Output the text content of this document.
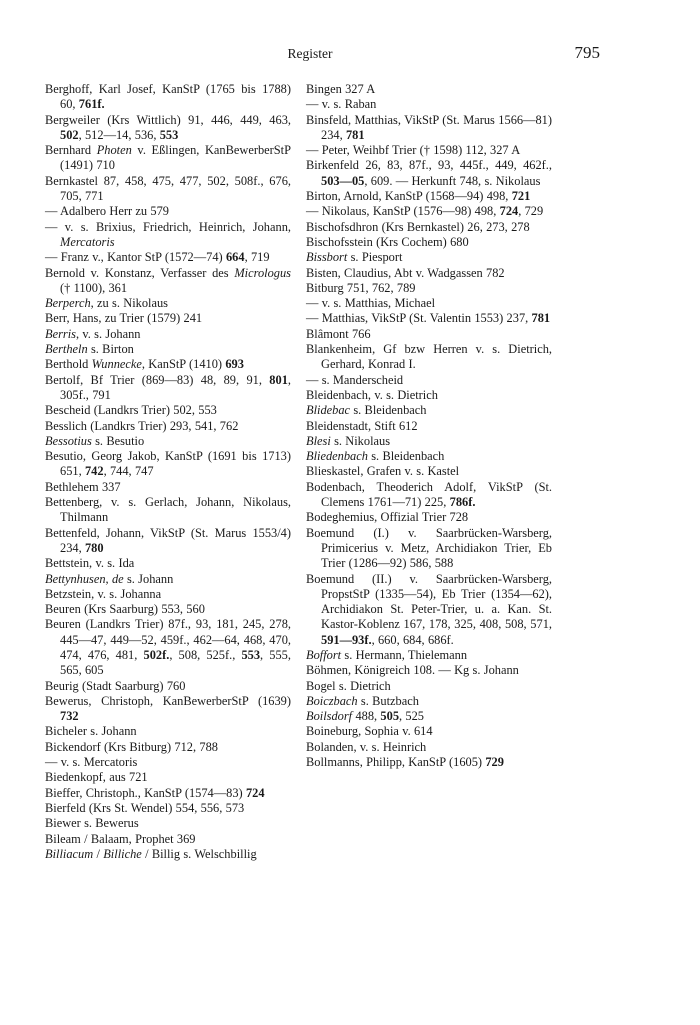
Register	795

Berghoff, Karl Josef, KanStP (1765 bis 1788) 60, 761f.

Bergweiler (Krs Wittlich) 91, 446, 449, 463, 502, 512—14, 536, 553

Bernhard Photen v. Eßlingen, KanBewerberStP (1491) 710

Bernkastel 87, 458, 475, 477, 502, 508f., 676, 705, 771

— Adalbero Herr zu 579

— v. s. Brixius, Friedrich, Heinrich, Johann, Mercatoris

— Franz v., Kantor StP (1572—74) 664, 719

Bernold v. Konstanz, Verfasser des Micrologus († 1100), 361

Berperch, zu s. Nikolaus

Berr, Hans, zu Trier (1579) 241

Berris, v. s. Johann

Bertheln s. Birton

Berthold Wunnecke, KanStP (1410) 693

Bertolf, Bf Trier (869—83) 48, 89, 91, 801, 305f., 791

Bescheid (Landkrs Trier) 502, 553

Besslich (Landkrs Trier) 293, 541, 762

Bessotius s. Besutio

Besutio, Georg Jakob, KanStP (1691 bis 1713) 651, 742, 744, 747

Bethlehem 337

Bettenberg, v. s. Gerlach, Johann, Nikolaus, Thilmann

Bettenfeld, Johann, VikStP (St. Marus 1553/4) 234, 780

Bettstein, v. s. Ida

Bettynhusen, de s. Johann

Betzstein, v. s. Johanna

Beuren (Krs Saarburg) 553, 560

Beuren (Landkrs Trier) 87f., 93, 181, 245, 278, 445—47, 449—52, 459f., 462—64, 468, 470, 474, 476, 481, 502f., 508, 525f., 553, 555, 565, 605

Beurig (Stadt Saarburg) 760

Bewerus, Christoph, KanBewerberStP (1639) 732

Bicheler s. Johann

Bickendorf (Krs Bitburg) 712, 788

— v. s. Mercatoris

Biedenkopf, aus 721

Bieffer, Christoph., KanStP (1574—83) 724

Bierfeld (Krs St. Wendel) 554, 556, 573

Biewer s. Bewerus

Bileam / Balaam, Prophet 369

Billiacum / Billiche / Billig s. Welschbillig

Bingen 327 A

— v. s. Raban

Binsfeld, Matthias, VikStP (St. Marus 1566—81) 234, 781

— Peter, Weihbf Trier († 1598) 112, 327 A

Birkenfeld 26, 83, 87f., 93, 445f., 449, 462f., 503—05, 609. — Herkunft 748, s. Nikolaus

Birton, Arnold, KanStP (1568—94) 498, 721

— Nikolaus, KanStP (1576—98) 498, 724, 729

Bischofsdhron (Krs Bernkastel) 26, 273, 278

Bischofsstein (Krs Cochem) 680

Bissbort s. Piesport

Bisten, Claudius, Abt v. Wadgassen 782

Bitburg 751, 762, 789

— v. s. Matthias, Michael

— Matthias, VikStP (St. Valentin 1553) 237, 781

Blâmont 766

Blankenheim, Gf bzw Herren v. s. Dietrich, Gerhard, Konrad I.

— s. Manderscheid

Bleidenbach, v. s. Dietrich

Blidebac s. Bleidenbach

Bleidenstadt, Stift 612

Blesi s. Nikolaus

Bliedenbach s. Bleidenbach

Blieskastel, Grafen v. s. Kastel

Bodenbach, Theoderich Adolf, VikStP (St. Clemens 1761—71) 225, 786f.

Bodeghemius, Offizial Trier 728

Boemund (I.) v. Saarbrücken-Warsberg, Primicerius v. Metz, Archidiakon Trier, Eb Trier (1286—92) 586, 588

Boemund (II.) v. Saarbrücken-Warsberg, PropstStP (1335—54), Eb Trier (1354—62), Archidiakon St. Peter-Trier, u. a. Kan. St. Kastor-Koblenz 167, 178, 325, 408, 508, 571, 591—93f., 660, 684, 686f.

Boffort s. Hermann, Thielemann

Böhmen, Königreich 108. — Kg s. Johann

Bogel s. Dietrich

Boiczbach s. Butzbach

Boilsdorf 488, 505, 525

Boineburg, Sophia v. 614

Bolanden, v. s. Heinrich

Bollmanns, Philipp, KanStP (1605) 729
